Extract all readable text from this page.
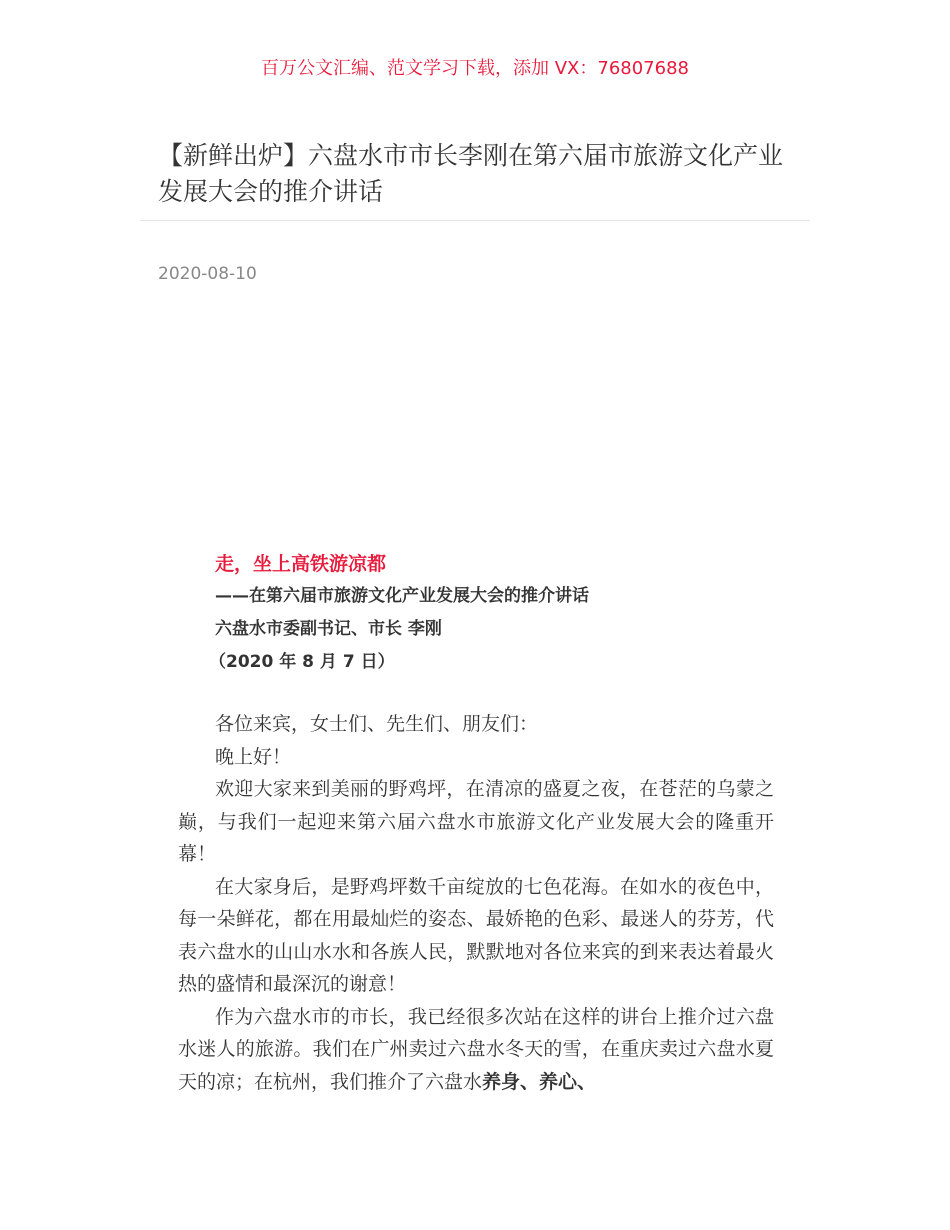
百万公文汇编、范文学习下载，添加 VX：76807688
【新鲜出炉】六盘水市市长李刚在第六届市旅游文化产业发展大会的推介讲话
2020-08-10
走，坐上高铁游凉都
——在第六届市旅游文化产业发展大会的推介讲话
六盘水市委副书记、市长 李刚
（2020 年 8 月 7 日）

各位来宾，女士们、先生们、朋友们：

晚上好！

欢迎大家来到美丽的野鸡坪，在清凉的盛夏之夜，在苍茫的乌蒙之巅，与我们一起迎来第六届六盘水市旅游文化产业发展大会的隆重开幕！

在大家身后，是野鸡坪数千亩绽放的七色花海。在如水的夜色中，每一朵鲜花，都在用最灿烂的姿态、最娇艳的色彩、最迷人的芬芳，代表六盘水的山山水水和各族人民，默默地对各位来宾的到来表达着最火热的盛情和最深沉的谢意！

作为六盘水市的市长，我已经很多次站在这样的讲台上推介过六盘水迷人的旅游。我们在广州卖过六盘水冬天的雪，在重庆卖过六盘水夏天的凉；在杭州，我们推介了六盘水养身、养心、
